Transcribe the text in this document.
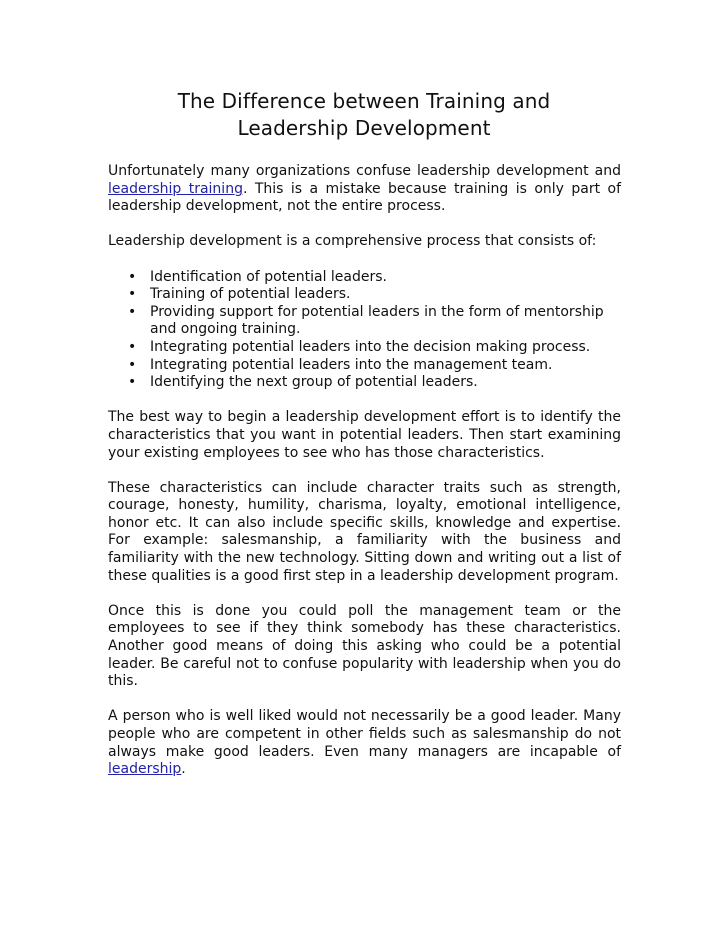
The Difference between Training and
Leadership Development

Unfortunately many organizations confuse leadership development and leadership training. This is a mistake because training is only part of leadership development, not the entire process.

Leadership development is a comprehensive process that consists of:

• Identification of potential leaders.
• Training of potential leaders.
• Providing support for potential leaders in the form of mentorship and ongoing training.
• Integrating potential leaders into the decision making process.
• Integrating potential leaders into the management team.
• Identifying the next group of potential leaders.

The best way to begin a leadership development effort is to identify the characteristics that you want in potential leaders. Then start examining your existing employees to see who has those characteristics.

These characteristics can include character traits such as strength, courage, honesty, humility, charisma, loyalty, emotional intelligence, honor etc. It can also include specific skills, knowledge and expertise. For example: salesmanship, a familiarity with the business and familiarity with the new technology. Sitting down and writing out a list of these qualities is a good first step in a leadership development program.

Once this is done you could poll the management team or the employees to see if they think somebody has these characteristics. Another good means of doing this asking who could be a potential leader. Be careful not to confuse popularity with leadership when you do this.

A person who is well liked would not necessarily be a good leader. Many people who are competent in other fields such as salesmanship do not always make good leaders. Even many managers are incapable of leadership.
